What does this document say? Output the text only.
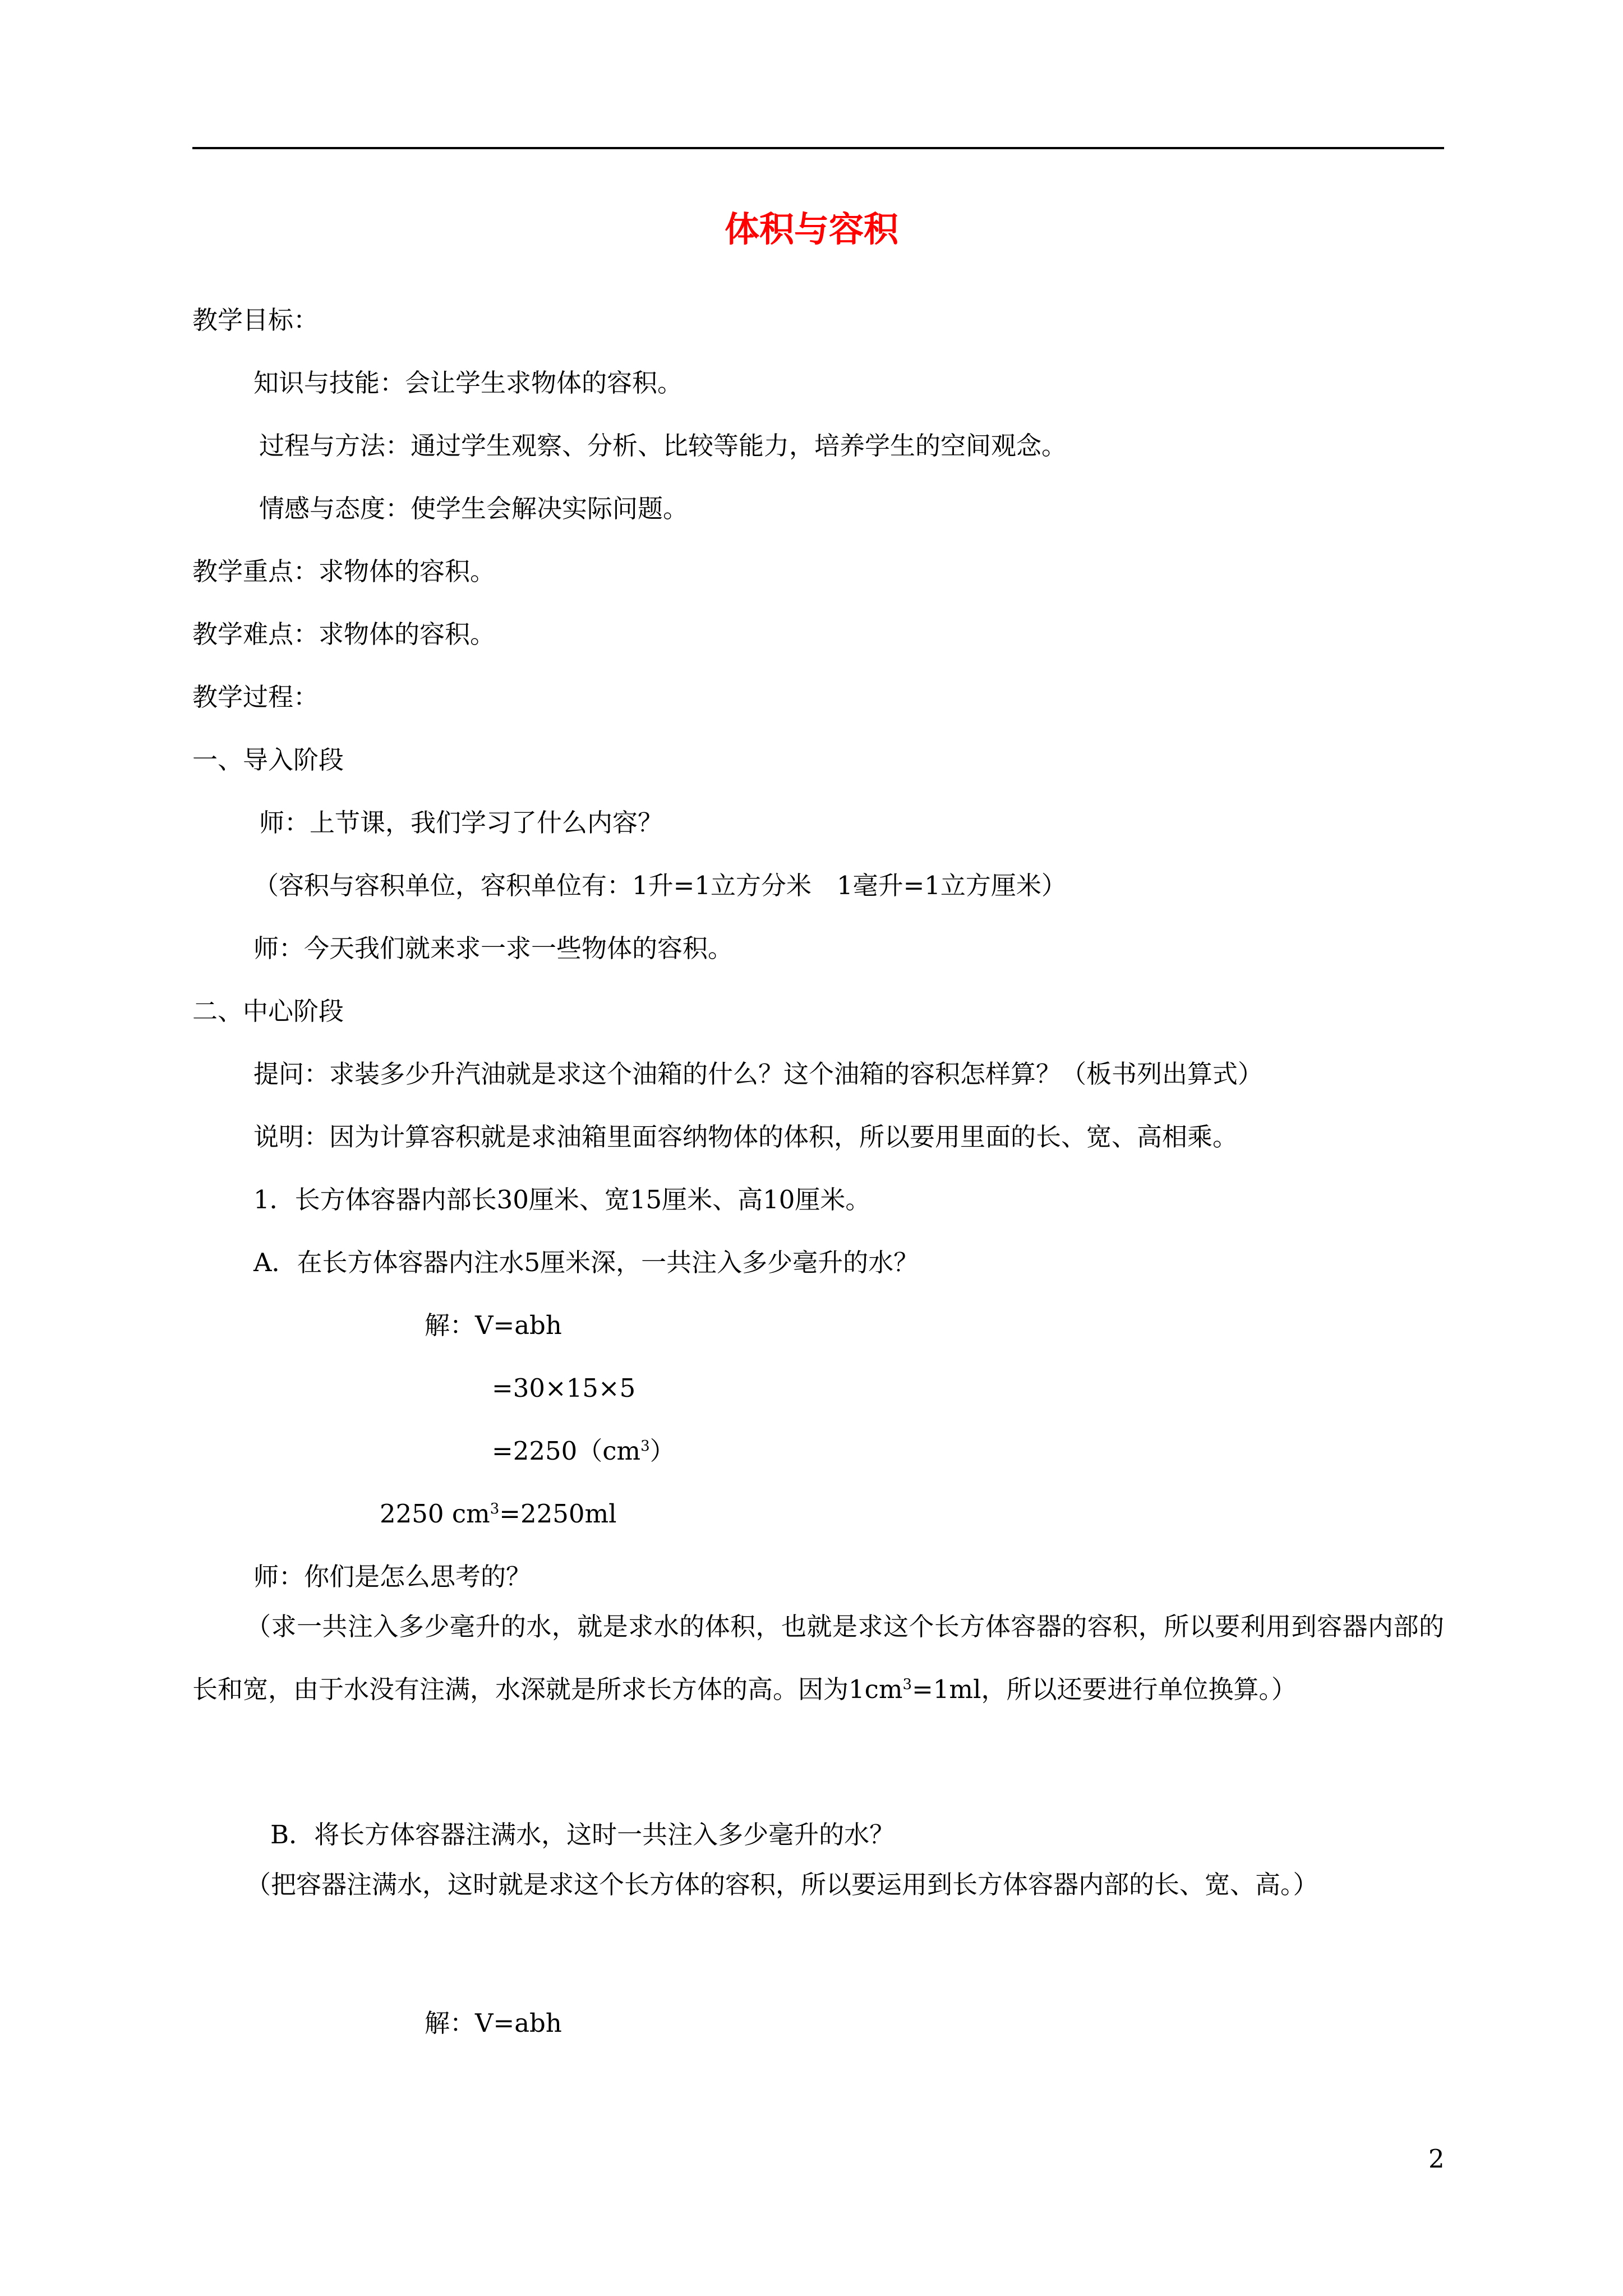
体积与容积
教学目标：
知识与技能：会让学生求物体的容积。
过程与方法：通过学生观察、分析、比较等能力，培养学生的空间观念。
情感与态度：使学生会解决实际问题。
教学重点：求物体的容积。
教学难点：求物体的容积。
教学过程：
一、导入阶段
师：上节课，我们学习了什么内容？
（容积与容积单位，容积单位有：1升=1立方分米　1毫升=1立方厘米）
师：今天我们就来求一求一些物体的容积。
二、中心阶段
提问：求装多少升汽油就是求这个油箱的什么？这个油箱的容积怎样算？（板书列出算式）
说明：因为计算容积就是求油箱里面容纳物体的体积，所以要用里面的长、宽、高相乘。
1．长方体容器内部长30厘米、宽15厘米、高10厘米。
A．在长方体容器内注水5厘米深，一共注入多少毫升的水？
解：V=abh
=30×15×5
$=2250(cm^3)$
2250 $cm^3=2250ml$
师：你们是怎么思考的？
（求一共注入多少毫升的水，就是求水的体积，也就是求这个长方体容器的容积，所以要利用到容器内部的长和宽，由于水没有注满，水深就是所求长方体的高。因为$1cm^3=1ml$，所以还要进行单位换算。）
B．将长方体容器注满水，这时一共注入多少毫升的水？
（把容器注满水，这时就是求这个长方体的容积，所以要运用到长方体容器内部的长、宽、高。）
解：V=abh
2
